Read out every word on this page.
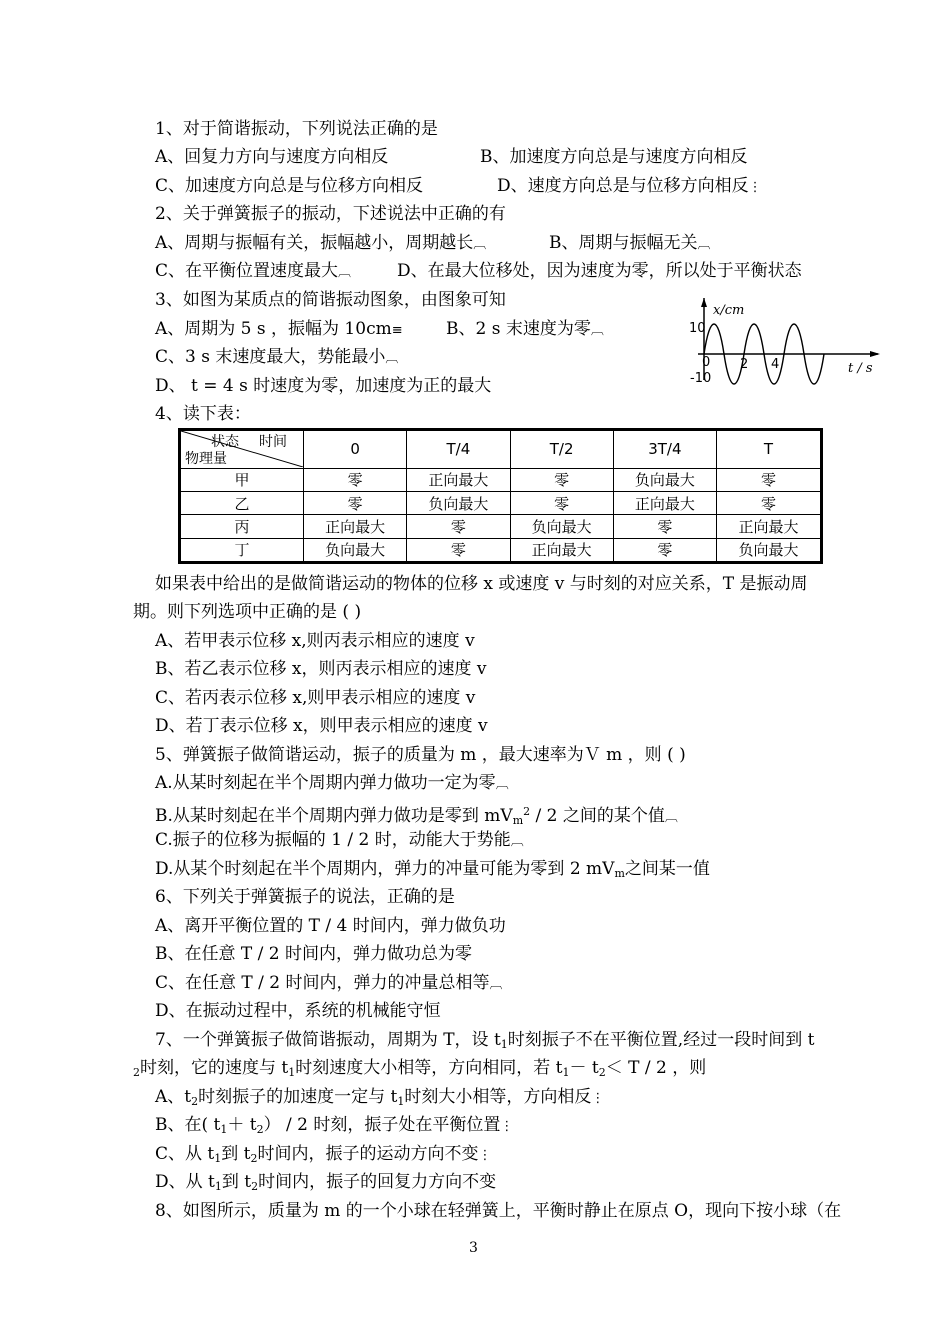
1、对于简谐振动，下列说法正确的是
A、回复力方向与速度方向相反	B、加速度方向总是与速度方向相反
C、加速度方向总是与位移方向相反	D、速度方向总是与位移方向相反⋮
2、关于弹簧振子的振动，下述说法中正确的有
A、周期与振幅有关，振幅越小，周期越长︹	B、周期与振幅无关︹
C、在平衡位置速度最大︹	D、在最大位移处，因为速度为零，所以处于平衡状态
3、如图为某质点的简谐振动图象，由图象可知
A、周期为 5 s ，振幅为 10cm≡	B、2 s 末速度为零︹
C、3 s 末速度最大，势能最小︹
D、 t = 4 s 时速度为零，加速度为正的最大
x/cm
10
-10
0 2 4	t / s
4、读下表：
状态 时间
物理量	0	T/4	T/2	3T/4	T
甲	零	正向最大	零	负向最大	零
乙	零	负向最大	零	正向最大	零
丙	正向最大	零	负向最大	零	正向最大
丁	负向最大	零	正向最大	零	负向最大
如果表中给出的是做简谐运动的物体的位移 x 或速度 v 与时刻的对应关系，T 是振动周
期。则下列选项中正确的是 ( )
A、若甲表示位移 x,则丙表示相应的速度 v
B、若乙表示位移 x，则丙表示相应的速度 v
C、若丙表示位移 x,则甲表示相应的速度 v
D、若丁表示位移 x，则甲表示相应的速度 v
5、弹簧振子做简谐运动，振子的质量为 m ，最大速率为Ｖ m ，则 ( )
A.从某时刻起在半个周期内弹力做功一定为零︹
B.从某时刻起在半个周期内弹力做功是零到 $mV_m^2 / 2$ 之间的某个值︹
C.振子的位移为振幅的 1 / 2 时，动能大于势能︹
D.从某个时刻起在半个周期内，弹力的冲量可能为零到 2 $mV_m$之间某一值
6、下列关于弹簧振子的说法，正确的是
A、离开平衡位置的 T / 4 时间内，弹力做负功
B、在任意 T / 2 时间内，弹力做功总为零
C、在任意 T / 2 时间内，弹力的冲量总相等︹
D、在振动过程中，系统的机械能守恒
7、一个弹簧振子做简谐振动，周期为 T，设 $t_1$时刻振子不在平衡位置,经过一段时间到 t
$_2$时刻，它的速度与 $t_1$时刻速度大小相等，方向相同，若 $t_1- t_2< T / 2$ ，则
A、$t_2$时刻振子的加速度一定与 $t_1$时刻大小相等，方向相反⋮
B、在( $t_1+ t_2) / 2$ 时刻，振子处在平衡位置⋮
C、从 $t_1$到 $t_2$时间内，振子的运动方向不变⋮
D、从 $t_1$到 $t_2$时间内，振子的回复力方向不变
8、如图所示，质量为 m 的一个小球在轻弹簧上，平衡时静止在原点 O，现向下按小球（在
3
